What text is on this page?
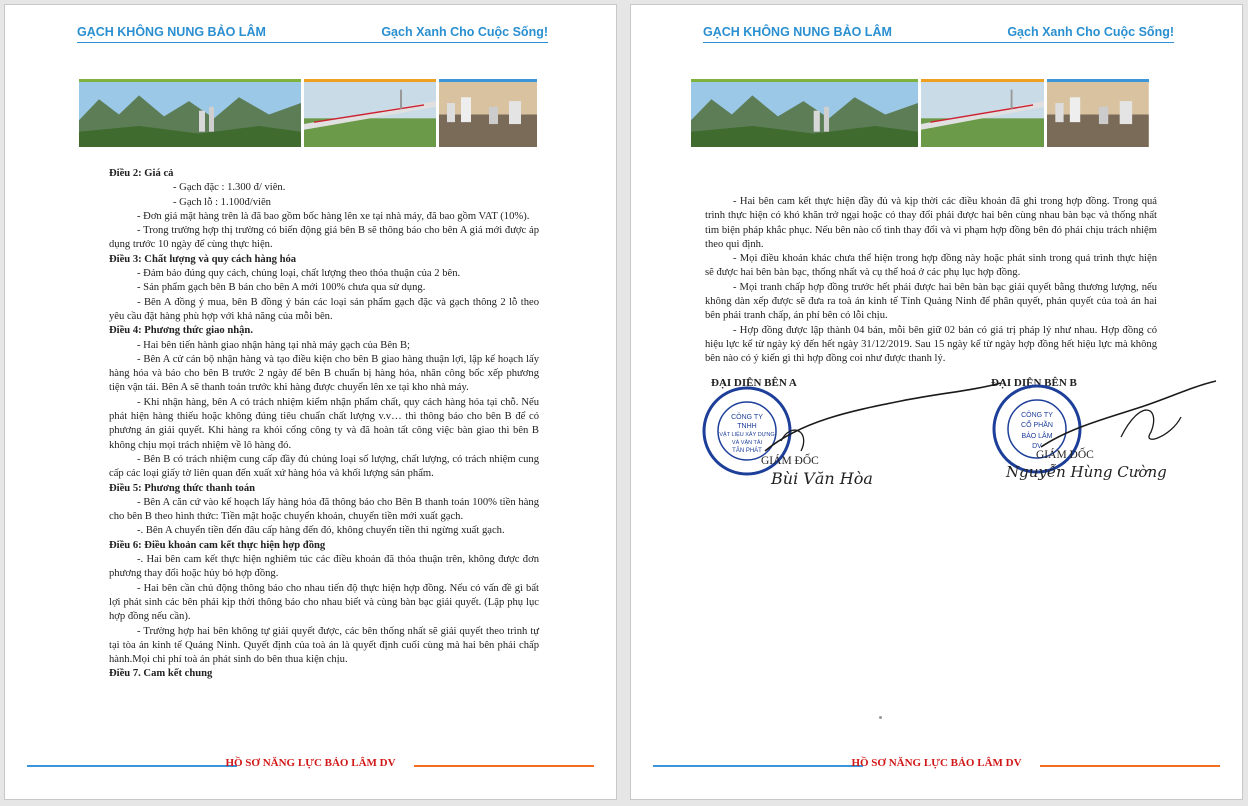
GẠCH KHÔNG NUNG BẢO LÂM	Gạch Xanh Cho Cuộc Sống!

Điều 2: Giá cả

- Gạch đặc : 1.300 đ/ viên.

- Gạch lỗ : 1.100đ/viên

- Đơn giá mặt hàng trên là đã bao gồm bốc hàng lên xe tại nhà máy, đã bao gồm VAT (10%).

- Trong trường hợp thị trường có biến động giá bên B sẽ thông báo cho bên A giá mới được áp dụng trước 10 ngày để cùng thực hiện.

Điều 3: Chất lượng và quy cách hàng hóa

- Đảm bảo đúng quy cách, chủng loại, chất lượng theo thỏa thuận của 2 bên.

- Sản phẩm gạch bên B bán cho bên A mới 100% chưa qua sử dụng.

- Bên A đồng ý mua, bên B đồng ý bán các loại sản phẩm gạch đặc và gạch thông 2 lỗ theo yêu cầu đặt hàng phù hợp với khả năng của mỗi bên.

Điều 4: Phương thức giao nhận.

- Hai bên tiến hành giao nhận hàng tại nhà máy gạch của Bên B;

- Bên A cử cán bộ nhận hàng và tạo điều kiện cho bên B giao hàng thuận lợi, lập kế hoạch lấy hàng hóa và báo cho bên B trước 2 ngày để bên B chuẩn bị hàng hóa, nhân công bốc xếp phương tiện vận tải. Bên A sẽ thanh toán trước khi hàng được chuyển lên xe tại kho nhà máy.

- Khi nhận hàng, bên A có trách nhiệm kiểm nhận phẩm chất, quy cách hàng hóa tại chỗ. Nếu phát hiện hàng thiếu hoặc không đúng tiêu chuẩn chất lượng v.v… thì thông báo cho bên B để có phương án giải quyết. Khi hàng ra khỏi cổng công ty và đã hoàn tất công việc bàn giao thì bên B không chịu mọi trách nhiệm về lô hàng đó.

- Bên B có trách nhiệm cung cấp đầy đủ chủng loại số lượng, chất lượng, có trách nhiệm cung cấp các loại giấy tờ liên quan đến xuất xứ hàng hóa và khối lượng sản phẩm.

Điều 5: Phương thức thanh toán

- Bên A căn cứ vào kế hoạch lấy hàng hóa đã thông báo cho Bên B thanh toán 100% tiền hàng cho bên B theo hình thức: Tiền mặt hoặc chuyển khoản, chuyển tiền mới xuất gạch.

-. Bên A chuyển tiền đến đâu cấp hàng đến đó, không chuyển tiền thì ngừng xuất gạch.

Điều 6: Điều khoản cam kết thực hiện hợp đồng

-. Hai bên cam kết thực hiện nghiêm túc các điều khoản đã thỏa thuận trên, không được đơn phương thay đổi hoặc hủy bỏ hợp đồng.

- Hai bên cần chủ động thông báo cho nhau tiến độ thực hiện hợp đồng. Nếu có vấn đề gì bất lợi phát sinh các bên phải kịp thời thông báo cho nhau biết và cùng bàn bạc giải quyết. (Lập phụ lục hợp đồng nếu cần).

- Trường hợp hai bên không tự giải quyết được, các bên thống nhất sẽ giải quyết theo trình tự tại tòa án kinh tế Quảng Ninh. Quyết định của toà án là quyết định cuối cùng mà hai bên phải chấp hành.Mọi chi phí toà án phát sinh do bên thua kiện chịu.

Điều 7. Cam kết chung

HỒ SƠ NĂNG LỰC BẢO LÂM DV
GẠCH KHÔNG NUNG BẢO LÂM	Gạch Xanh Cho Cuộc Sống!

- Hai bên cam kết thực hiện đầy đủ và kịp thời các điều khoản đã ghi trong hợp đồng. Trong quá trình thực hiện có khó khăn trở ngại hoặc có thay đổi phải được hai bên cùng nhau bàn bạc và thống nhất tìm biện pháp khắc phục. Nếu bên nào cố tình thay đổi và vi phạm hợp đồng bên đó phải chịu trách nhiệm theo qui định.

- Mọi điều khoản khác chưa thể hiện trong hợp đồng này hoặc phát sinh trong quá trình thực hiện sẽ được hai bên bàn bạc, thống nhất và cụ thể hoá ở các phụ lục hợp đồng.

- Mọi tranh chấp hợp đồng trước hết phải được hai bên bàn bạc giải quyết bằng thương lượng, nếu không dàn xếp được sẽ đưa ra toà án kinh tế Tỉnh Quảng Ninh để phân quyết, phán quyết của toà án hai bên phải tranh chấp, án phí bên có lỗi chịu.

- Hợp đồng được lập thành 04 bản, mỗi bên giữ 02 bản có giá trị pháp lý như nhau. Hợp đồng có hiệu lực kể từ ngày ký đến hết ngày 31/12/2019. Sau 15 ngày kể từ ngày hợp đồng hết hiệu lực mà không bên nào có ý kiến gì thì hợp đồng coi như được thanh lý.

ĐẠI DIỆN BÊN A	ĐẠI DIỆN BÊN B
CÔNG TY
TNHH
VẬT LIỆU XÂY DỰNG
VÀ VẬN TẢI
TÂN PHÁT
GIÁM ĐỐC
Bùi Văn Hòa
CÔNG TY
CỔ PHẦN
BẢO LÂM
DV
GIÁM ĐỐC
Nguyễn Hùng Cường
HỒ SƠ NĂNG LỰC BẢO LÂM DV
